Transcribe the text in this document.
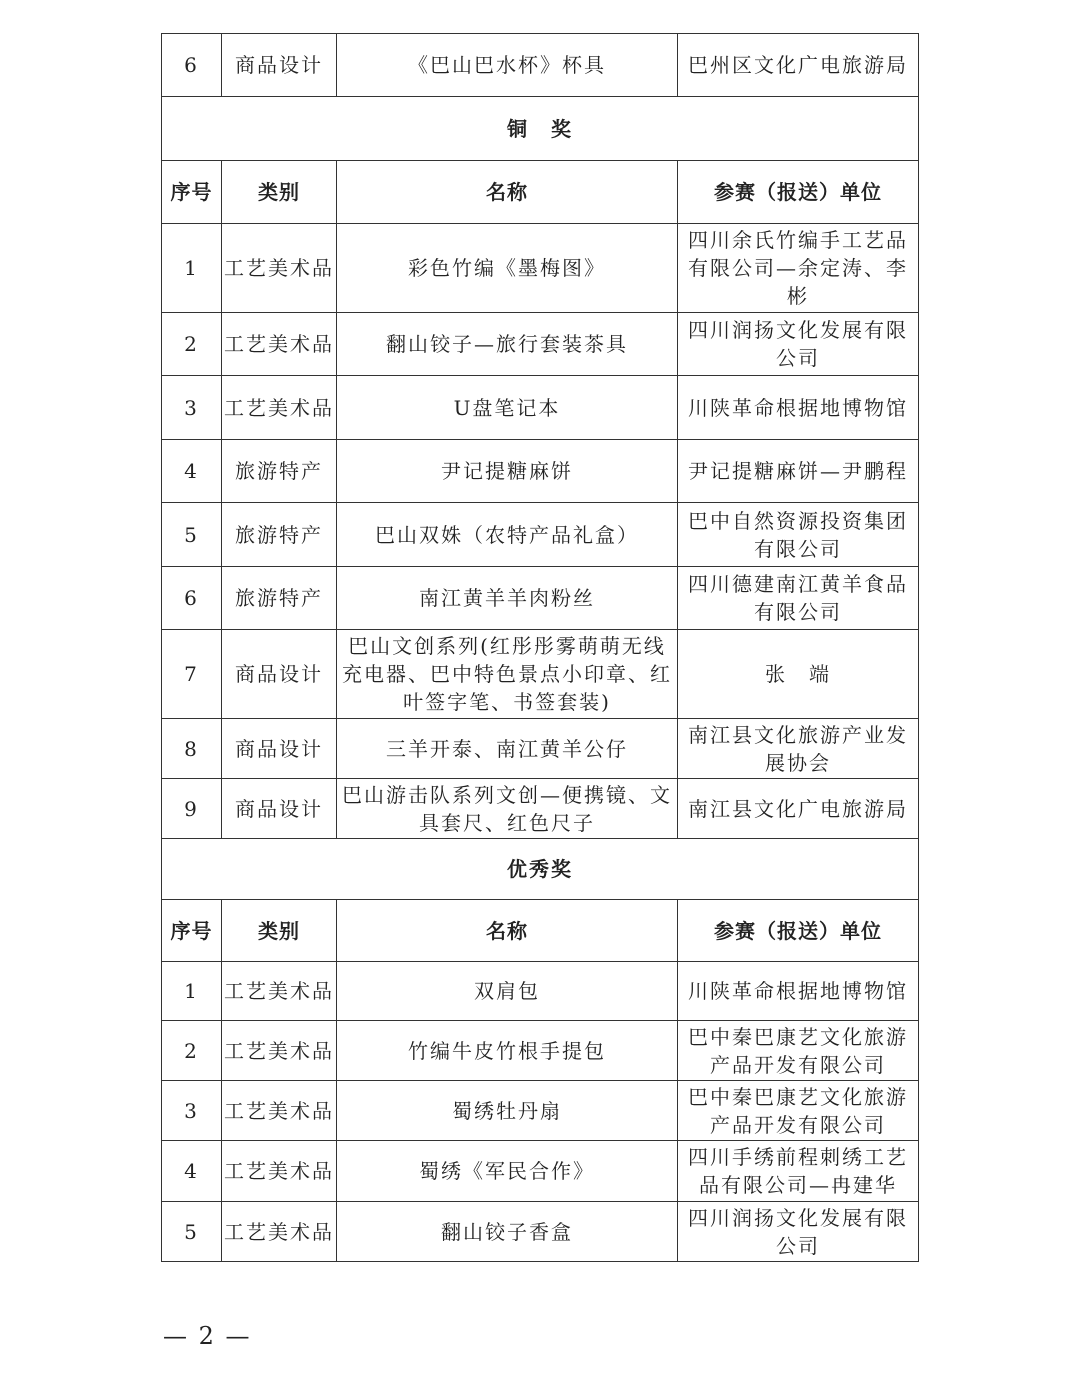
6	商品设计	《巴山巴水杯》杯具	巴州区文化广电旅游局
铜　奖			
序号	类别	名称	参赛（报送）单位
1	工艺美术品	彩色竹编《墨梅图》	四川余氏竹编手工艺品有限公司—余定涛、李彬
2	工艺美术品	翻山铰子—旅行套装茶具	四川润扬文化发展有限公司
3	工艺美术品	U盘笔记本	川陕革命根据地博物馆
4	旅游特产	尹记提糖麻饼	尹记提糖麻饼—尹鹏程
5	旅游特产	巴山双姝（农特产品礼盒）	巴中自然资源投资集团有限公司
6	旅游特产	南江黄羊羊肉粉丝	四川德建南江黄羊食品有限公司
7	商品设计	巴山文创系列(红彤彤雾萌萌无线充电器、巴中特色景点小印章、红叶签字笔、书签套装)	张　端
8	商品设计	三羊开泰、南江黄羊公仔	南江县文化旅游产业发展协会
9	商品设计	巴山游击队系列文创—便携镜、文具套尺、红色尺子	南江县文化广电旅游局
优秀奖			
序号	类别	名称	参赛（报送）单位
1	工艺美术品	双肩包	川陕革命根据地博物馆
2	工艺美术品	竹编牛皮竹根手提包	巴中秦巴康艺文化旅游产品开发有限公司
3	工艺美术品	蜀绣牡丹扇	巴中秦巴康艺文化旅游产品开发有限公司
4	工艺美术品	蜀绣《军民合作》	四川手绣前程刺绣工艺品有限公司—冉建华
5	工艺美术品	翻山铰子香盒	四川润扬文化发展有限公司
— 2 —
